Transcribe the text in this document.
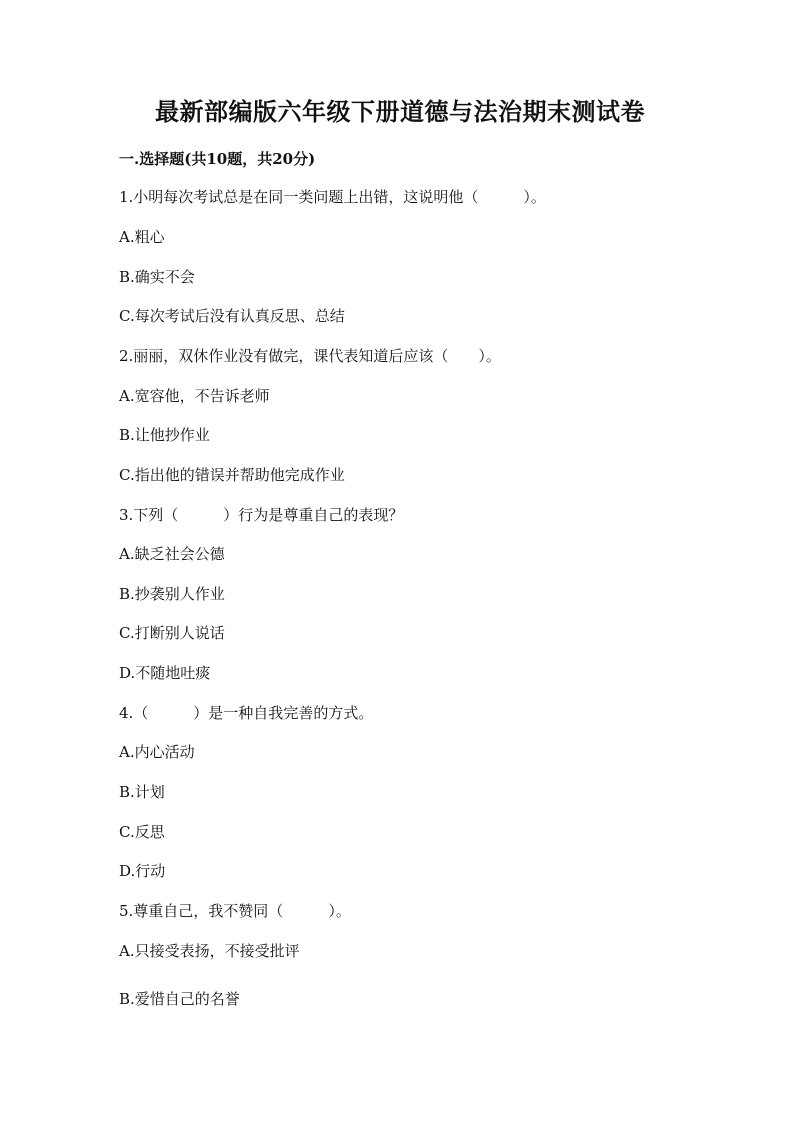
最新部编版六年级下册道德与法治期末测试卷
一.选择题(共10题，共20分)
1.小明每次考试总是在同一类问题上出错，这说明他（　　　）。
A.粗心
B.确实不会
C.每次考试后没有认真反思、总结
2.丽丽，双休作业没有做完，课代表知道后应该（　　）。
A.宽容他，不告诉老师
B.让他抄作业
C.指出他的错误并帮助他完成作业
3.下列（　　　）行为是尊重自己的表现？
A.缺乏社会公德
B.抄袭别人作业
C.打断别人说话
D.不随地吐痰
4.（　　　）是一种自我完善的方式。
A.内心活动
B.计划
C.反思
D.行动
5.尊重自己，我不赞同（　　　）。
A.只接受表扬，不接受批评
B.爱惜自己的名誉
